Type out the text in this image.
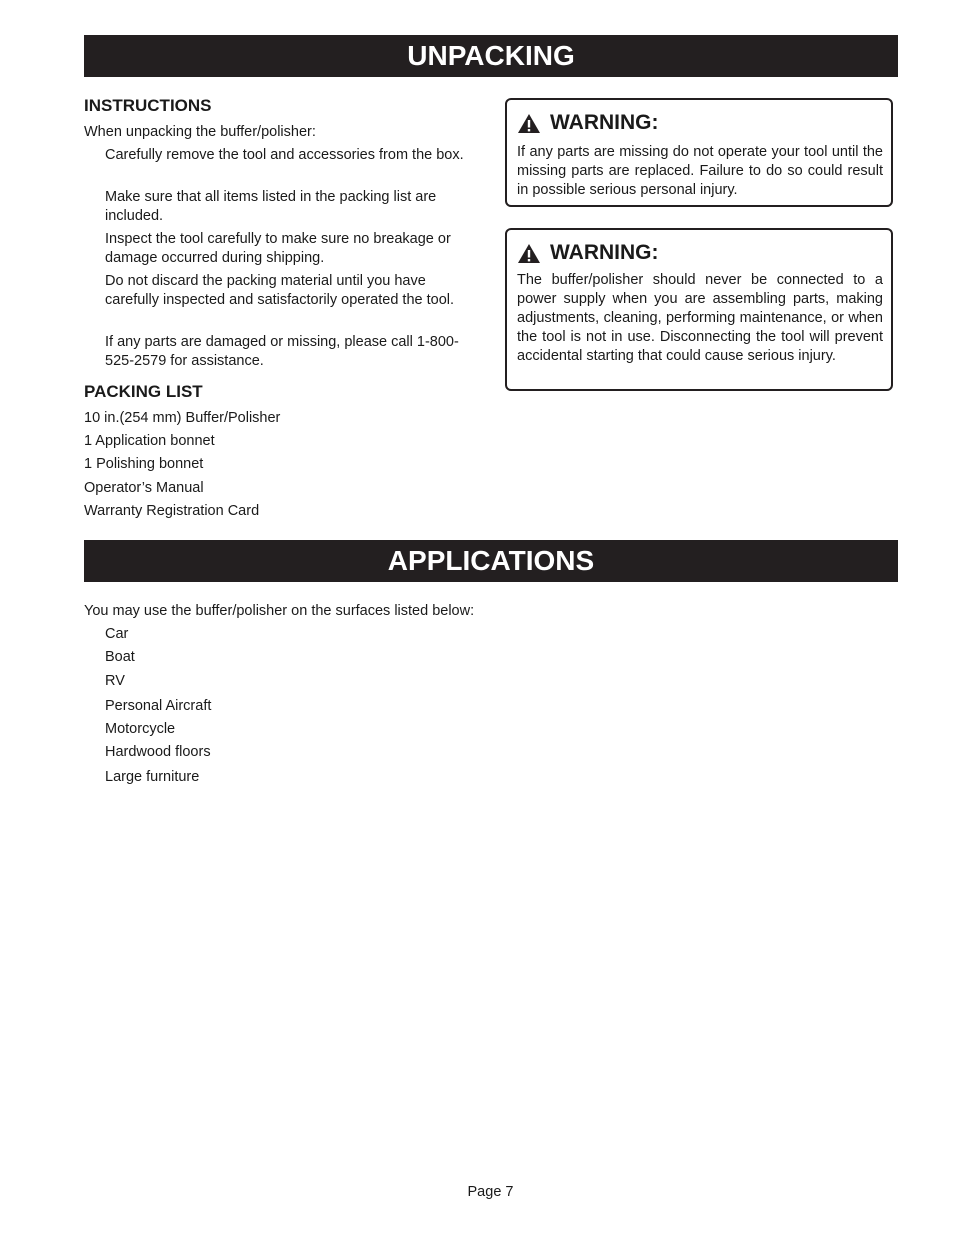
UNPACKING
INSTRUCTIONS
When unpacking the buffer/polisher:
Carefully remove the tool and accessories from the box.
Make sure that all items listed in the packing list are included.
Inspect the tool carefully to make sure no breakage or damage occurred during shipping.
Do not discard the packing material until you have carefully inspected and satisfactorily operated the tool.
If any parts are damaged or missing, please call 1-800-525-2579 for assistance.
PACKING LIST
10 in.(254 mm) Buffer/Polisher
1 Application bonnet
1 Polishing bonnet
Operator’s Manual
Warranty Registration Card
WARNING:
If any parts are missing do not operate your tool until the missing parts are replaced. Failure to do so could result in possible serious personal injury.
WARNING:
The buffer/polisher should never be connected to a power supply when you are assembling parts, making adjustments, cleaning, performing maintenance, or when the tool is not in use. Disconnecting the tool will prevent accidental starting that could cause serious injury.
APPLICATIONS
You may use the buffer/polisher on the surfaces listed below:
Car
Boat
RV
Personal Aircraft
Motorcycle
Hardwood floors
Large furniture
Page 7
